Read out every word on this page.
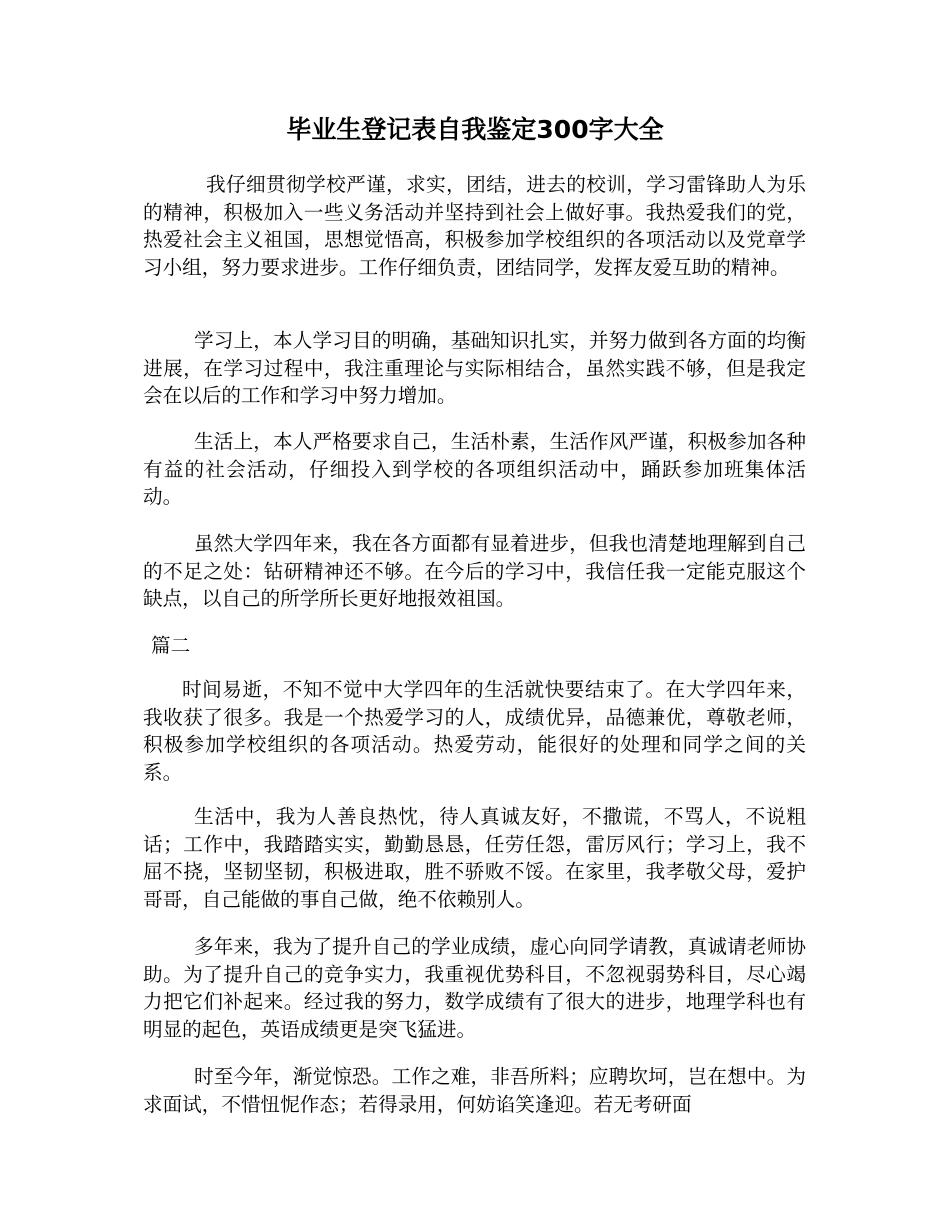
毕业生登记表自我鉴定300字大全

我仔细贯彻学校严谨，求实，团结，进去的校训，学习雷锋助人为乐的精神，积极加入一些义务活动并坚持到社会上做好事。我热爱我们的党，热爱社会主义祖国，思想觉悟高，积极参加学校组织的各项活动以及党章学习小组，努力要求进步。工作仔细负责，团结同学，发挥友爱互助的精神。

学习上，本人学习目的明确，基础知识扎实，并努力做到各方面的均衡进展，在学习过程中，我注重理论与实际相结合，虽然实践不够，但是我定会在以后的工作和学习中努力增加。

生活上，本人严格要求自己，生活朴素，生活作风严谨，积极参加各种有益的社会活动，仔细投入到学校的各项组织活动中，踊跃参加班集体活动。

虽然大学四年来，我在各方面都有显着进步，但我也清楚地理解到自己的不足之处：钻研精神还不够。在今后的学习中，我信任我一定能克服这个缺点，以自己的所学所长更好地报效祖国。

篇二

时间易逝，不知不觉中大学四年的生活就快要结束了。在大学四年来，我收获了很多。我是一个热爱学习的人，成绩优异，品德兼优，尊敬老师，积极参加学校组织的各项活动。热爱劳动，能很好的处理和同学之间的关系。

生活中，我为人善良热忱，待人真诚友好，不撒谎，不骂人，不说粗话；工作中，我踏踏实实，勤勤恳恳，任劳任怨，雷厉风行；学习上，我不屈不挠，坚韧坚韧，积极进取，胜不骄败不馁。在家里，我孝敬父母，爱护哥哥，自己能做的事自己做，绝不依赖别人。

多年来，我为了提升自己的学业成绩，虚心向同学请教，真诚请老师协助。为了提升自己的竞争实力，我重视优势科目，不忽视弱势科目，尽心竭力把它们补起来。经过我的努力，数学成绩有了很大的进步，地理学科也有明显的起色，英语成绩更是突飞猛进。

时至今年，渐觉惊恐。工作之难，非吾所料；应聘坎坷，岂在想中。为求面试，不惜忸怩作态；若得录用，何妨谄笑逢迎。若无考研面
